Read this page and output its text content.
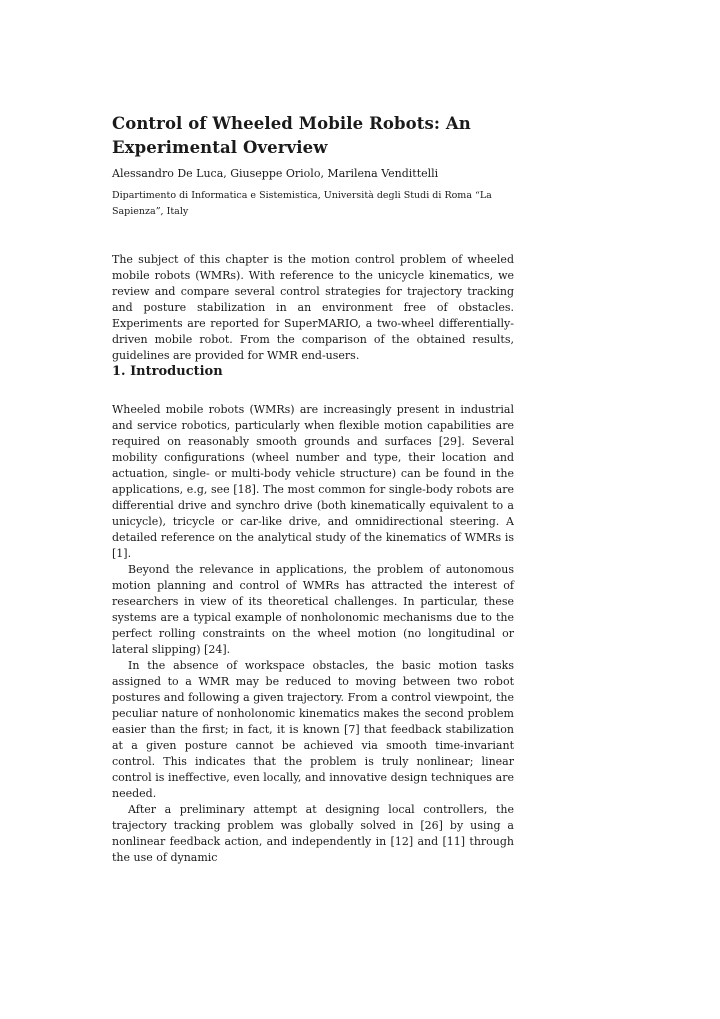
Control of Wheeled Mobile Robots: An Experimental Overview
Alessandro De Luca, Giuseppe Oriolo, Marilena Vendittelli
Dipartimento di Informatica e Sistemistica, Università degli Studi di Roma “La Sapienza”, Italy

The subject of this chapter is the motion control problem of wheeled mobile robots (WMRs). With reference to the unicycle kinematics, we review and compare several control strategies for trajectory tracking and posture stabilization in an environment free of obstacles. Experiments are reported for SuperMARIO, a two-wheel differentially-driven mobile robot. From the comparison of the obtained results, guidelines are provided for WMR end-users.

1. Introduction

Wheeled mobile robots (WMRs) are increasingly present in industrial and service robotics, particularly when flexible motion capabilities are required on reasonably smooth grounds and surfaces [29]. Several mobility configurations (wheel number and type, their location and actuation, single- or multi-body vehicle structure) can be found in the applications, e.g, see [18]. The most common for single-body robots are differential drive and synchro drive (both kinematically equivalent to a unicycle), tricycle or car-like drive, and omnidirectional steering. A detailed reference on the analytical study of the kinematics of WMRs is [1].

Beyond the relevance in applications, the problem of autonomous motion planning and control of WMRs has attracted the interest of researchers in view of its theoretical challenges. In particular, these systems are a typical example of nonholonomic mechanisms due to the perfect rolling constraints on the wheel motion (no longitudinal or lateral slipping) [24].

In the absence of workspace obstacles, the basic motion tasks assigned to a WMR may be reduced to moving between two robot postures and following a given trajectory. From a control viewpoint, the peculiar nature of nonholonomic kinematics makes the second problem easier than the first; in fact, it is known [7] that feedback stabilization at a given posture cannot be achieved via smooth time-invariant control. This indicates that the problem is truly nonlinear; linear control is ineffective, even locally, and innovative design techniques are needed.

After a preliminary attempt at designing local controllers, the trajectory tracking problem was globally solved in [26] by using a nonlinear feedback action, and independently in [12] and [11] through the use of dynamic
